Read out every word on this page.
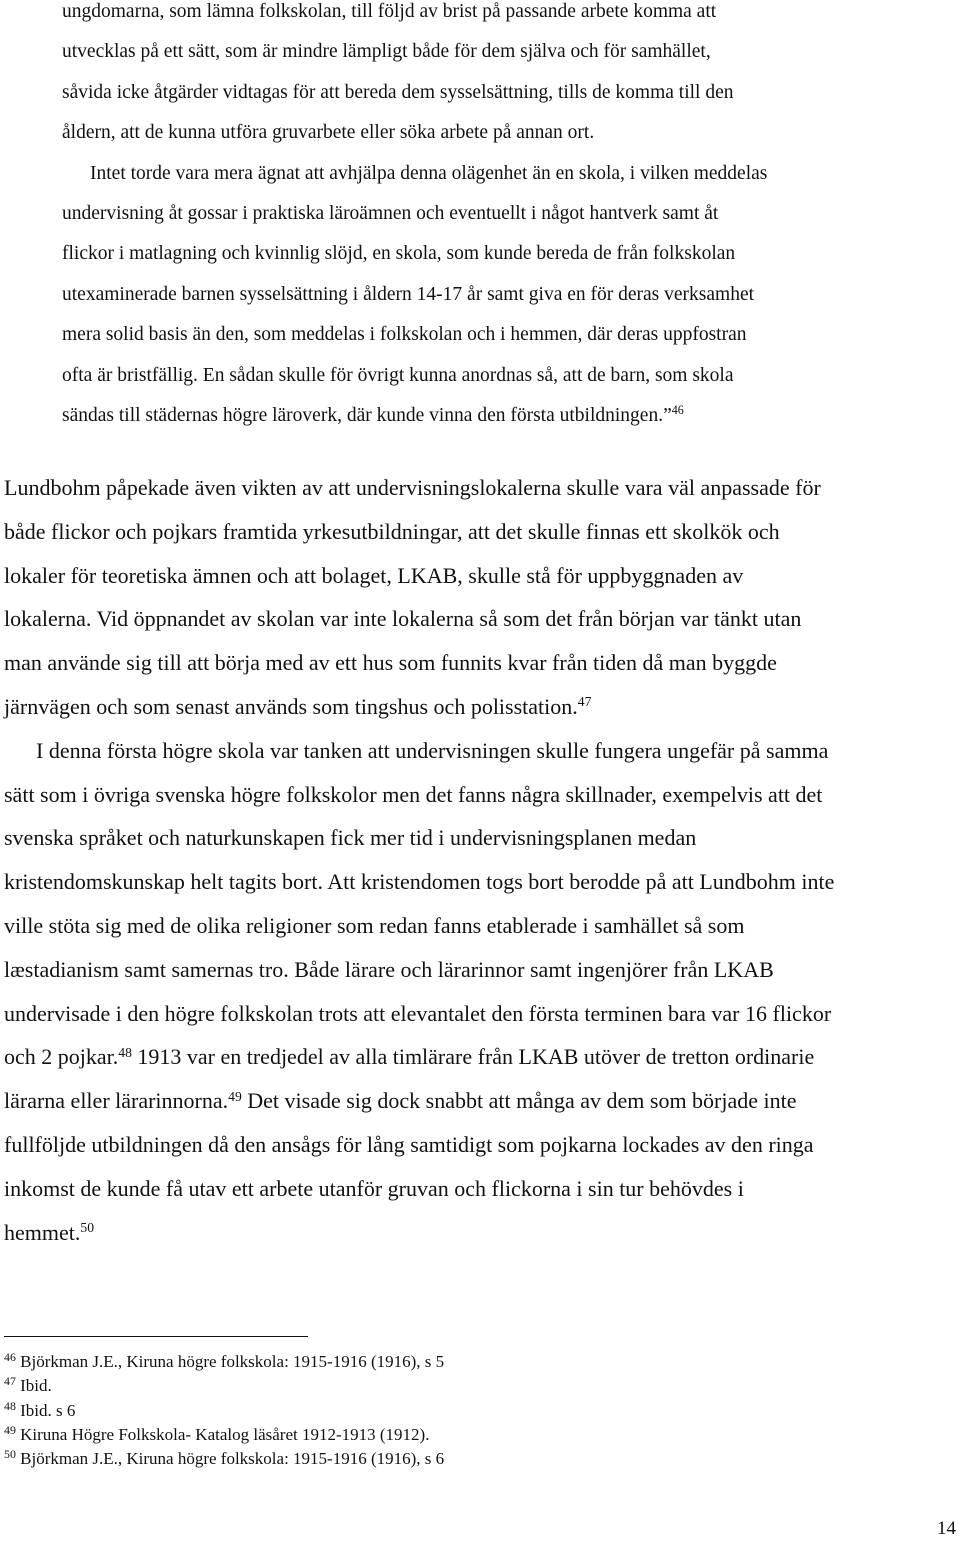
ungdomarna, som lämna folkskolan, till följd av brist på passande arbete komma att
utvecklas på ett sätt, som är mindre lämpligt både för dem själva och för samhället,
såvida icke åtgärder vidtagas för att bereda dem sysselsättning, tills de komma till den
åldern, att de kunna utföra gruvarbete eller söka arbete på annan ort.
Intet torde vara mera ägnat att avhjälpa denna olägenhet än en skola, i vilken meddelas
undervisning åt gossar i praktiska läroämnen och eventuellt i något hantverk samt åt
flickor i matlagning och kvinnlig slöjd, en skola, som kunde bereda de från folkskolan
utexaminerade barnen sysselsättning i åldern 14-17 år samt giva en för deras verksamhet
mera solid basis än den, som meddelas i folkskolan och i hemmen, där deras uppfostran
ofta är bristfällig. En sådan skulle för övrigt kunna anordnas så, att de barn, som skola
sändas till städernas högre läroverk, där kunde vinna den första utbildningen.”$^{46}$
Lundbohm påpekade även vikten av att undervisningslokalerna skulle vara väl anpassade för
både flickor och pojkars framtida yrkesutbildningar, att det skulle finnas ett skolkök och
lokaler för teoretiska ämnen och att bolaget, LKAB, skulle stå för uppbyggnaden av
lokalerna. Vid öppnandet av skolan var inte lokalerna så som det från början var tänkt utan
man använde sig till att börja med av ett hus som funnits kvar från tiden då man byggde
järnvägen och som senast används som tingshus och polisstation.$^{47}$
I denna första högre skola var tanken att undervisningen skulle fungera ungefär på samma
sätt som i övriga svenska högre folkskolor men det fanns några skillnader, exempelvis att det
svenska språket och naturkunskapen fick mer tid i undervisningsplanen medan
kristendomskunskap helt tagits bort. Att kristendomen togs bort berodde på att Lundbohm inte
ville stöta sig med de olika religioner som redan fanns etablerade i samhället så som
læstadianism samt samernas tro. Både lärare och lärarinnor samt ingenjörer från LKAB
undervisade i den högre folkskolan trots att elevantalet den första terminen bara var 16 flickor
och 2 pojkar.$^{48}$ 1913 var en tredjedel av alla timlärare från LKAB utöver de tretton ordinarie
lärarna eller lärarinnorna.$^{49}$ Det visade sig dock snabbt att många av dem som började inte
fullföljde utbildningen då den ansågs för lång samtidigt som pojkarna lockades av den ringa
inkomst de kunde få utav ett arbete utanför gruvan och flickorna i sin tur behövdes i
hemmet.$^{50}$
$^{46}$ Björkman J.E., Kiruna högre folkskola: 1915-1916 (1916), s 5
$^{47}$ Ibid.
$^{48}$ Ibid. s 6
$^{49}$ Kiruna Högre Folkskola- Katalog läsåret 1912-1913 (1912).
$^{50}$ Björkman J.E., Kiruna högre folkskola: 1915-1916 (1916), s 6
14
